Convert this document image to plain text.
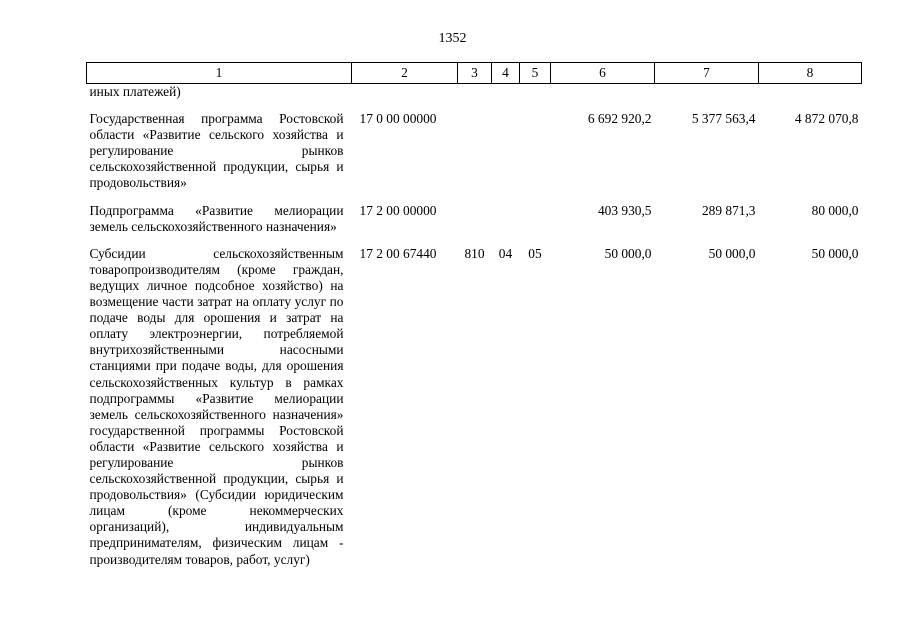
1352
1	2	3	4	5	6	7	8
иных платежей)							
Государственная программа Ростовской области «Развитие сельского хозяйства и регулирование рынков сельскохозяйственной продукции, сырья и продовольствия»	17 0 00 00000				6 692 920,2	5 377 563,4	4 872 070,8
Подпрограмма «Развитие мелиорации земель сельскохозяйственного назначения»	17 2 00 00000				403 930,5	289 871,3	80 000,0
Субсидии сельскохозяйственным товаропроизводителям (кроме граждан, ведущих личное подсобное хозяйство) на возмещение части затрат на оплату услуг по подаче воды для орошения и затрат на оплату электроэнергии, потребляемой внутрихозяйственными насосными станциями при подаче воды, для орошения сельскохозяйственных культур в рамках подпрограммы «Развитие мелиорации земель сельскохозяйственного назначения» государственной программы Ростовской области «Развитие сельского хозяйства и регулирование рынков сельскохозяйственной продукции, сырья и продовольствия» (Субсидии юридическим лицам (кроме некоммерческих организаций), индивидуальным предпринимателям, физическим лицам - производителям товаров, работ, услуг)	17 2 00 67440	810	04	05	50 000,0	50 000,0	50 000,0
